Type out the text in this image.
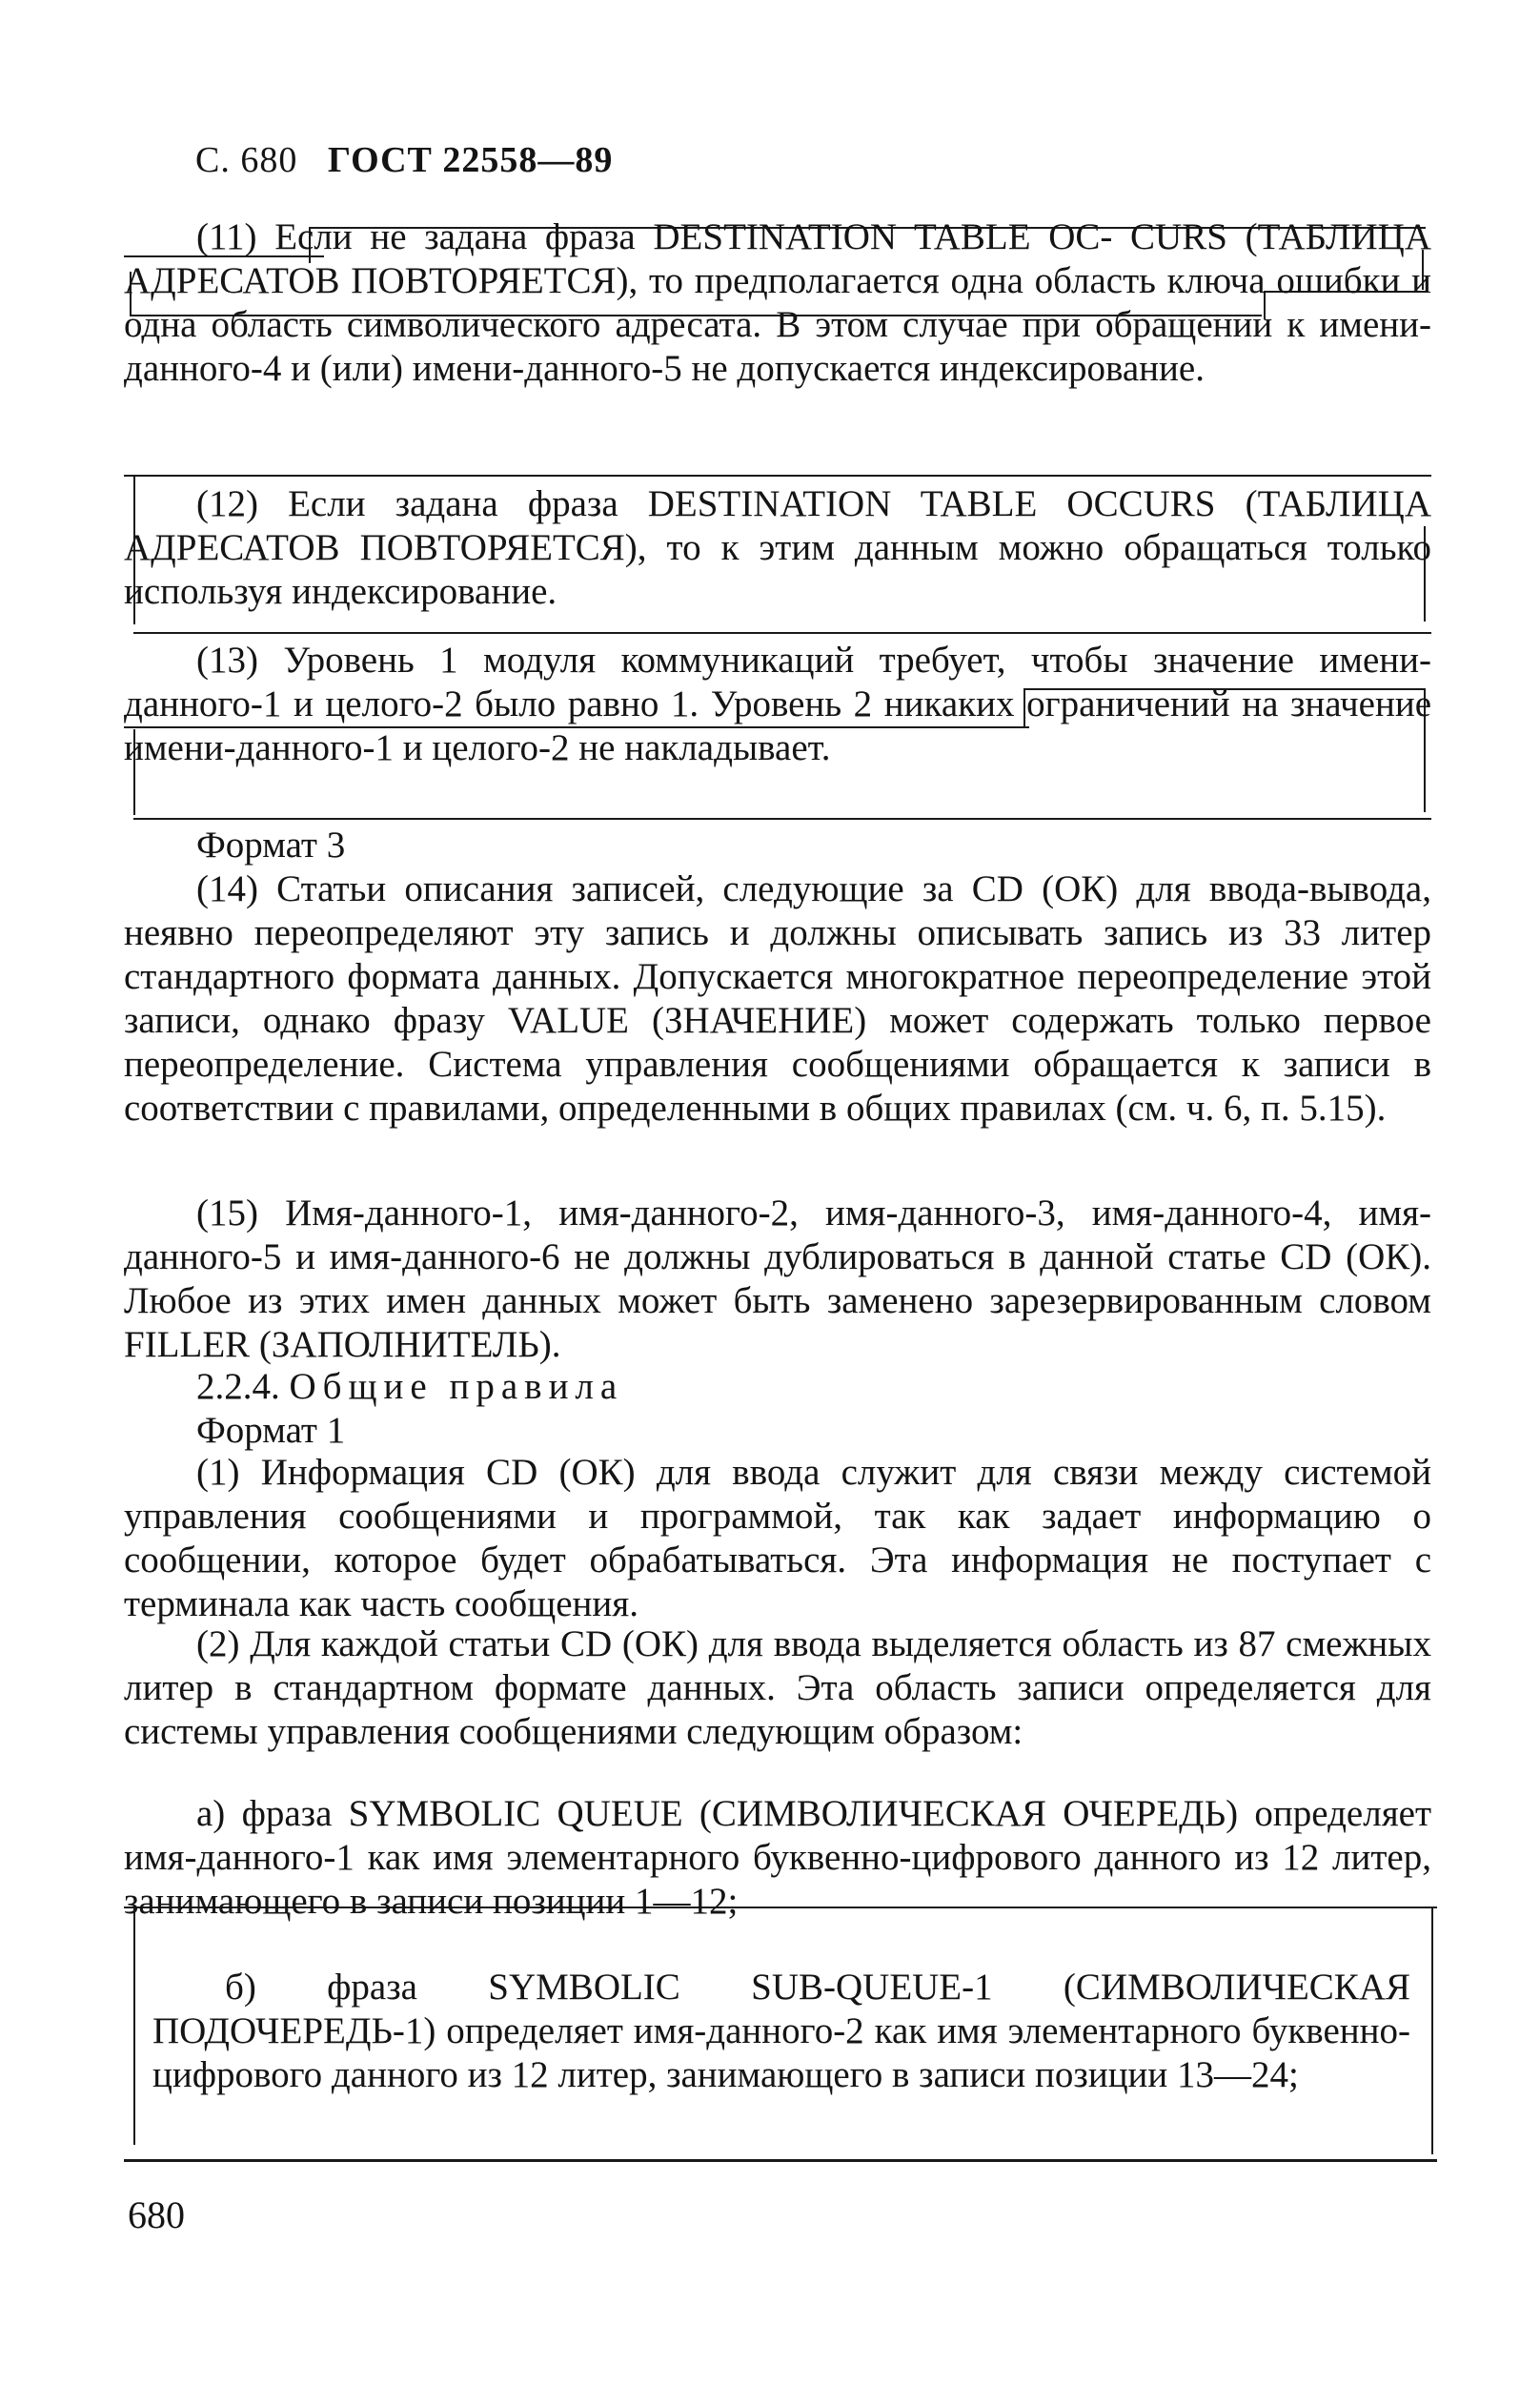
С. 680 ГОСТ 22558—89

(11) Если не задана фраза DESTINATION TABLE OC- CURS (ТАБЛИЦА АДРЕСАТОВ ПОВТОРЯЕТСЯ), то предполагается одна область ключа ошибки и одна область символического адресата. В этом случае при обращении к имени-данного-4 и (или) имени-данного-5 не допускается индексирование.

(12) Если задана фраза DESTINATION TABLE OCCURS (ТАБЛИЦА АДРЕСАТОВ ПОВТОРЯЕТСЯ), то к этим данным можно обращаться только используя индексирование.

(13) Уровень 1 модуля коммуникаций требует, чтобы значение имени-данного-1 и целого-2 было равно 1. Уровень 2 никаких ограничений на значение имени-данного-1 и целого-2 не накладывает.

Формат 3

(14) Статьи описания записей, следующие за CD (ОК) для ввода-вывода, неявно переопределяют эту запись и должны описывать запись из 33 литер стандартного формата данных. Допускается многократное переопределение этой записи, однако фразу VALUE (ЗНАЧЕНИЕ) может содержать только первое переопределение. Система управления сообщениями обращается к записи в соответствии с правилами, определенными в общих правилах (см. ч. 6, п. 5.15).

(15) Имя-данного-1, имя-данного-2, имя-данного-3, имя-данного-4, имя-данного-5 и имя-данного-6 не должны дублироваться в данной статье CD (ОК). Любое из этих имен данных может быть заменено зарезервированным словом FILLER (ЗАПОЛНИТЕЛЬ).

2.2.4. Общие правила

Формат 1

(1) Информация CD (ОК) для ввода служит для связи между системой управления сообщениями и программой, так как задает информацию о сообщении, которое будет обрабатываться. Эта информация не поступает с терминала как часть сообщения.

(2) Для каждой статьи CD (ОК) для ввода выделяется область из 87 смежных литер в стандартном формате данных. Эта область записи определяется для системы управления сообщениями следующим образом:

а) фраза SYMBOLIC QUEUE (СИМВОЛИЧЕСКАЯ ОЧЕРЕДЬ) определяет имя-данного-1 как имя элементарного буквенно-цифрового данного из 12 литер, занимающего в записи позиции 1—12;

б) фраза SYMBOLIC SUB-QUEUE-1 (СИМВОЛИЧЕСКАЯ ПОДОЧЕРЕДЬ-1) определяет имя-данного-2 как имя элементарного буквенно-цифрового данного из 12 литер, занимающего в записи позиции 13—24;

680
